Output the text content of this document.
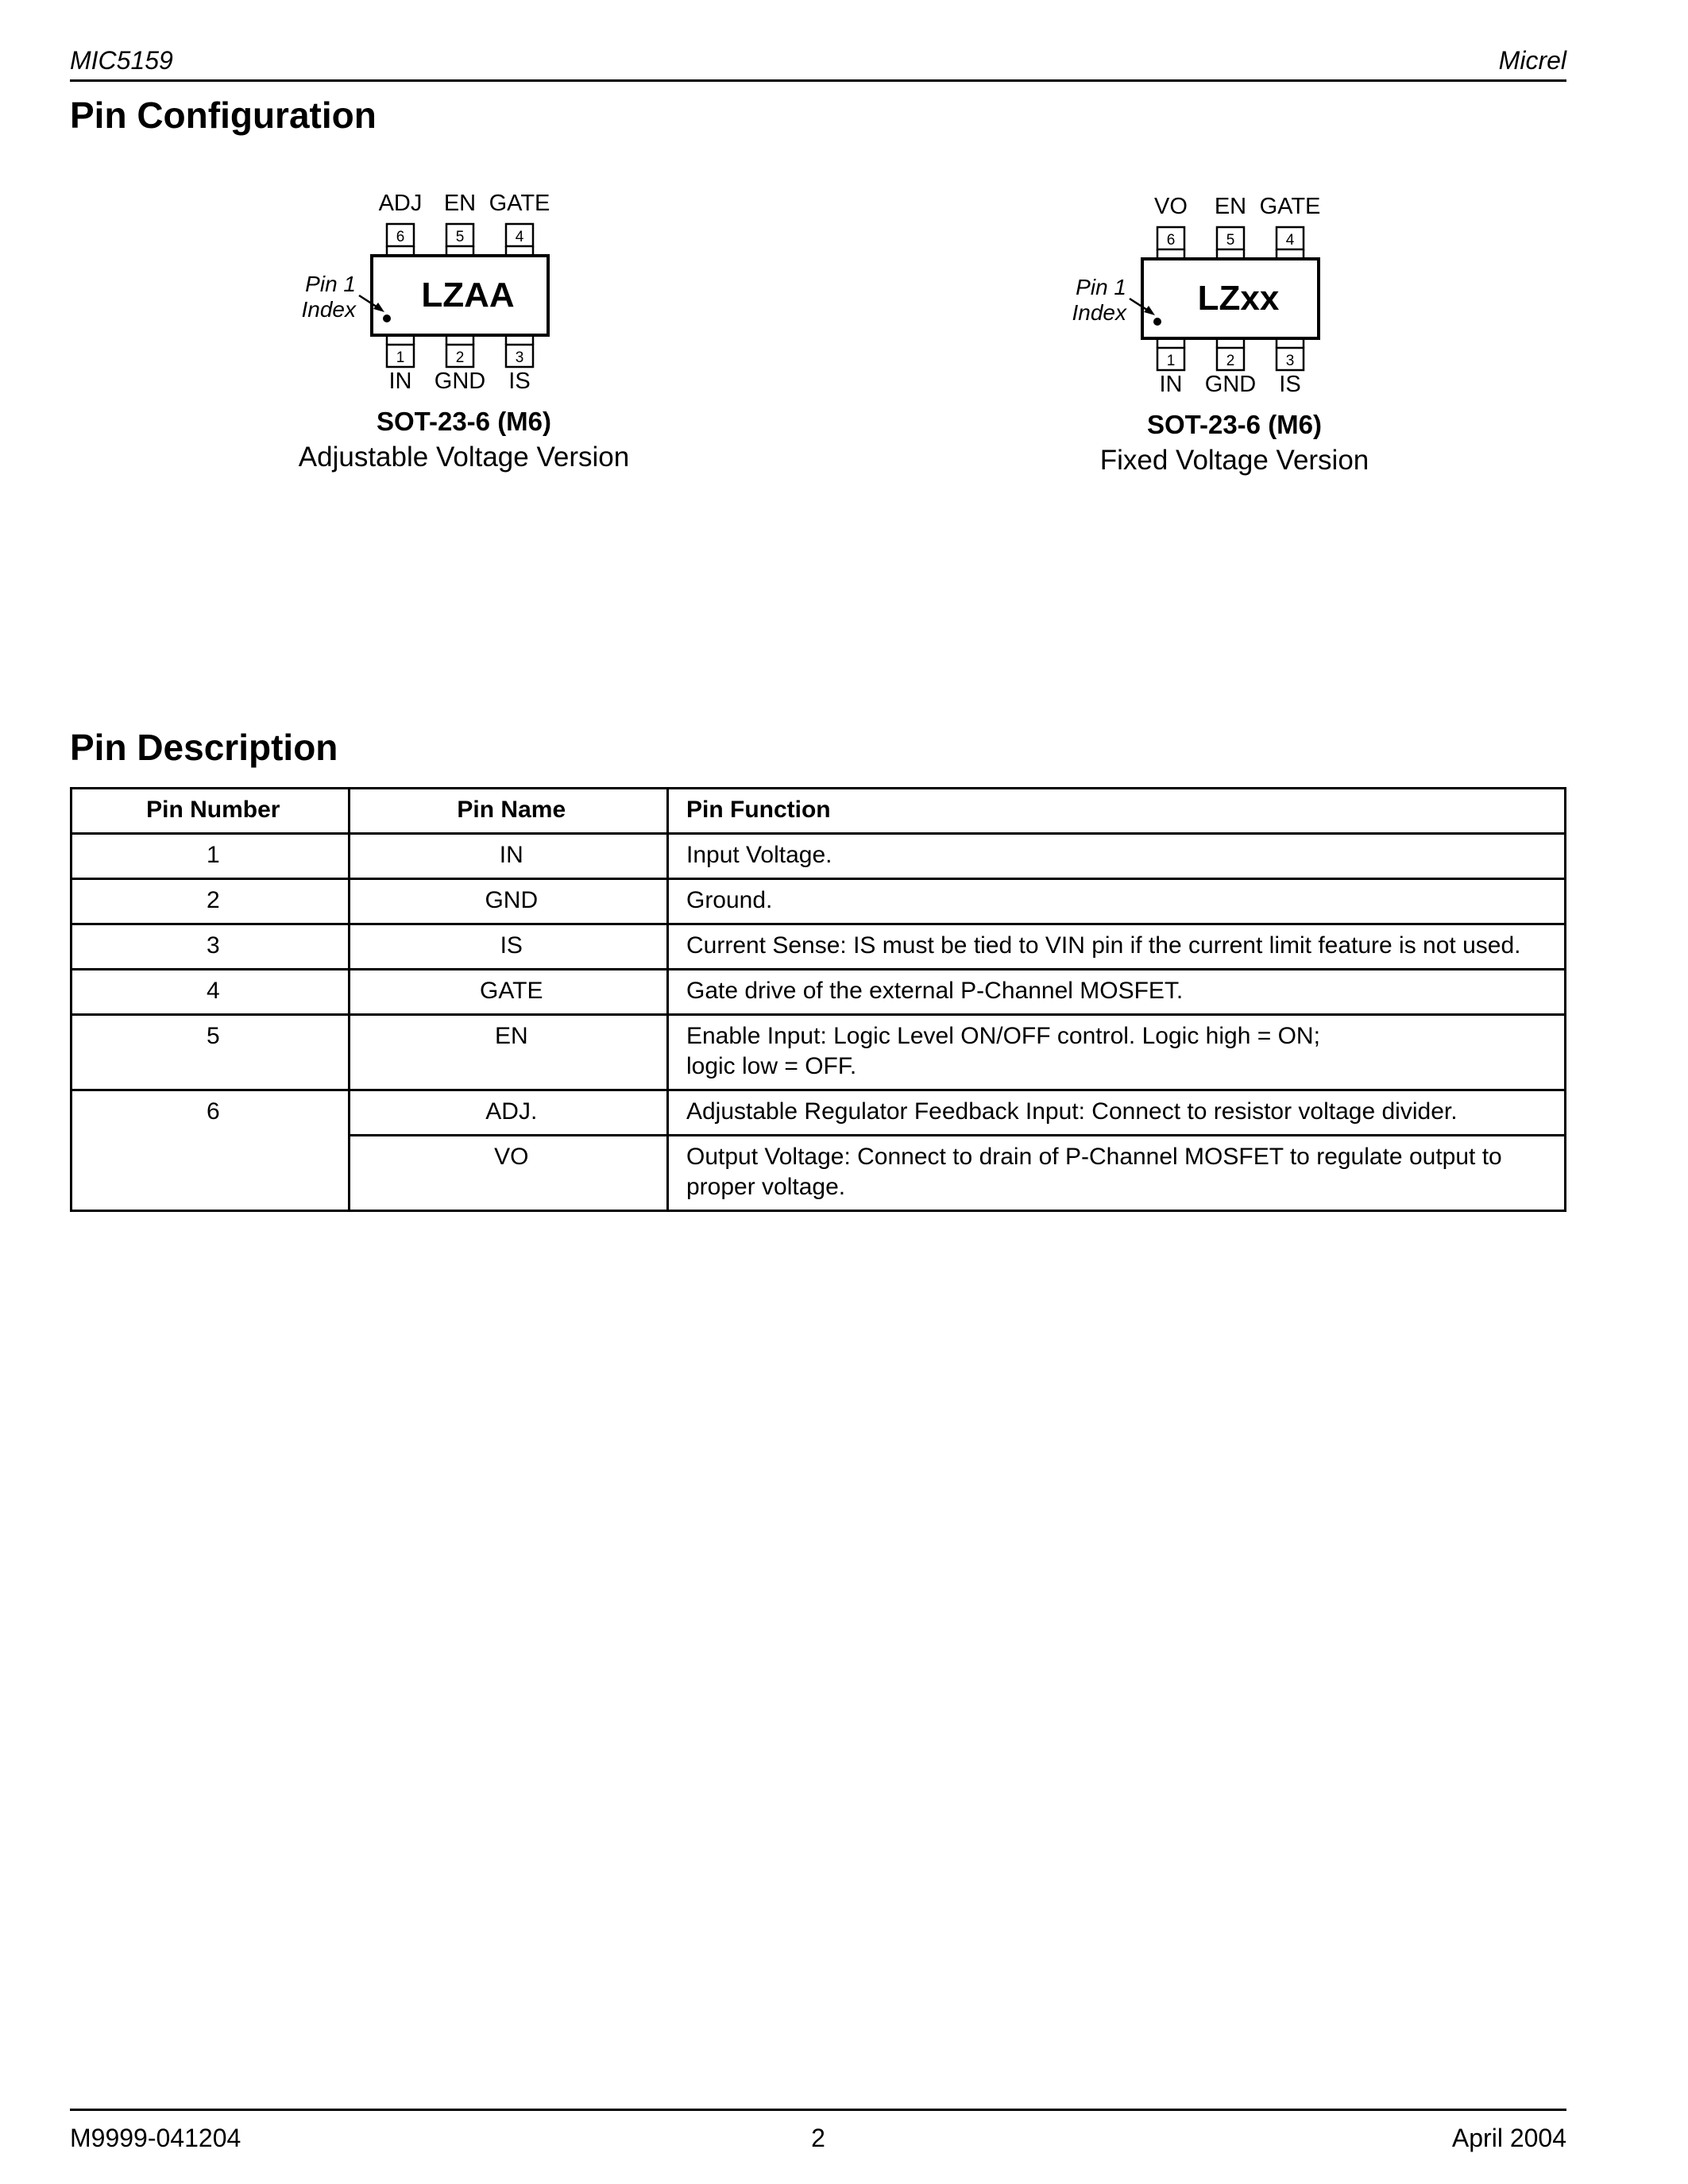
MIC5159	Micrel
Pin Configuration
6	5	4
1	2	3
LZAA
ADJ EN GATE
IN GND	IS
Pin 1
Index
SOT-23-6 (M6)
Adjustable Voltage Version
6	5	4
1	2	3
LZxx
VO	EN GATE
IN GND	IS
Pin 1
Index
SOT-23-6 (M6)
Fixed Voltage Version
Pin Description
Pin Number	Pin Name	Pin Function
1	IN	Input Voltage.
2	GND	Ground.
3	IS	Current Sense: IS must be tied to VIN pin if the current limit feature is not used.
4	GATE	Gate drive of the external P-Channel MOSFET.
5	EN	Enable Input: Logic Level ON/OFF control. Logic high = ON;
logic low = OFF.

6	ADJ.	Adjustable Regulator Feedback Input: Connect to resistor voltage divider.
	VO	Output Voltage: Connect to drain of P-Channel MOSFET to regulate output to proper voltage.
M9999-041204	2	April 2004
